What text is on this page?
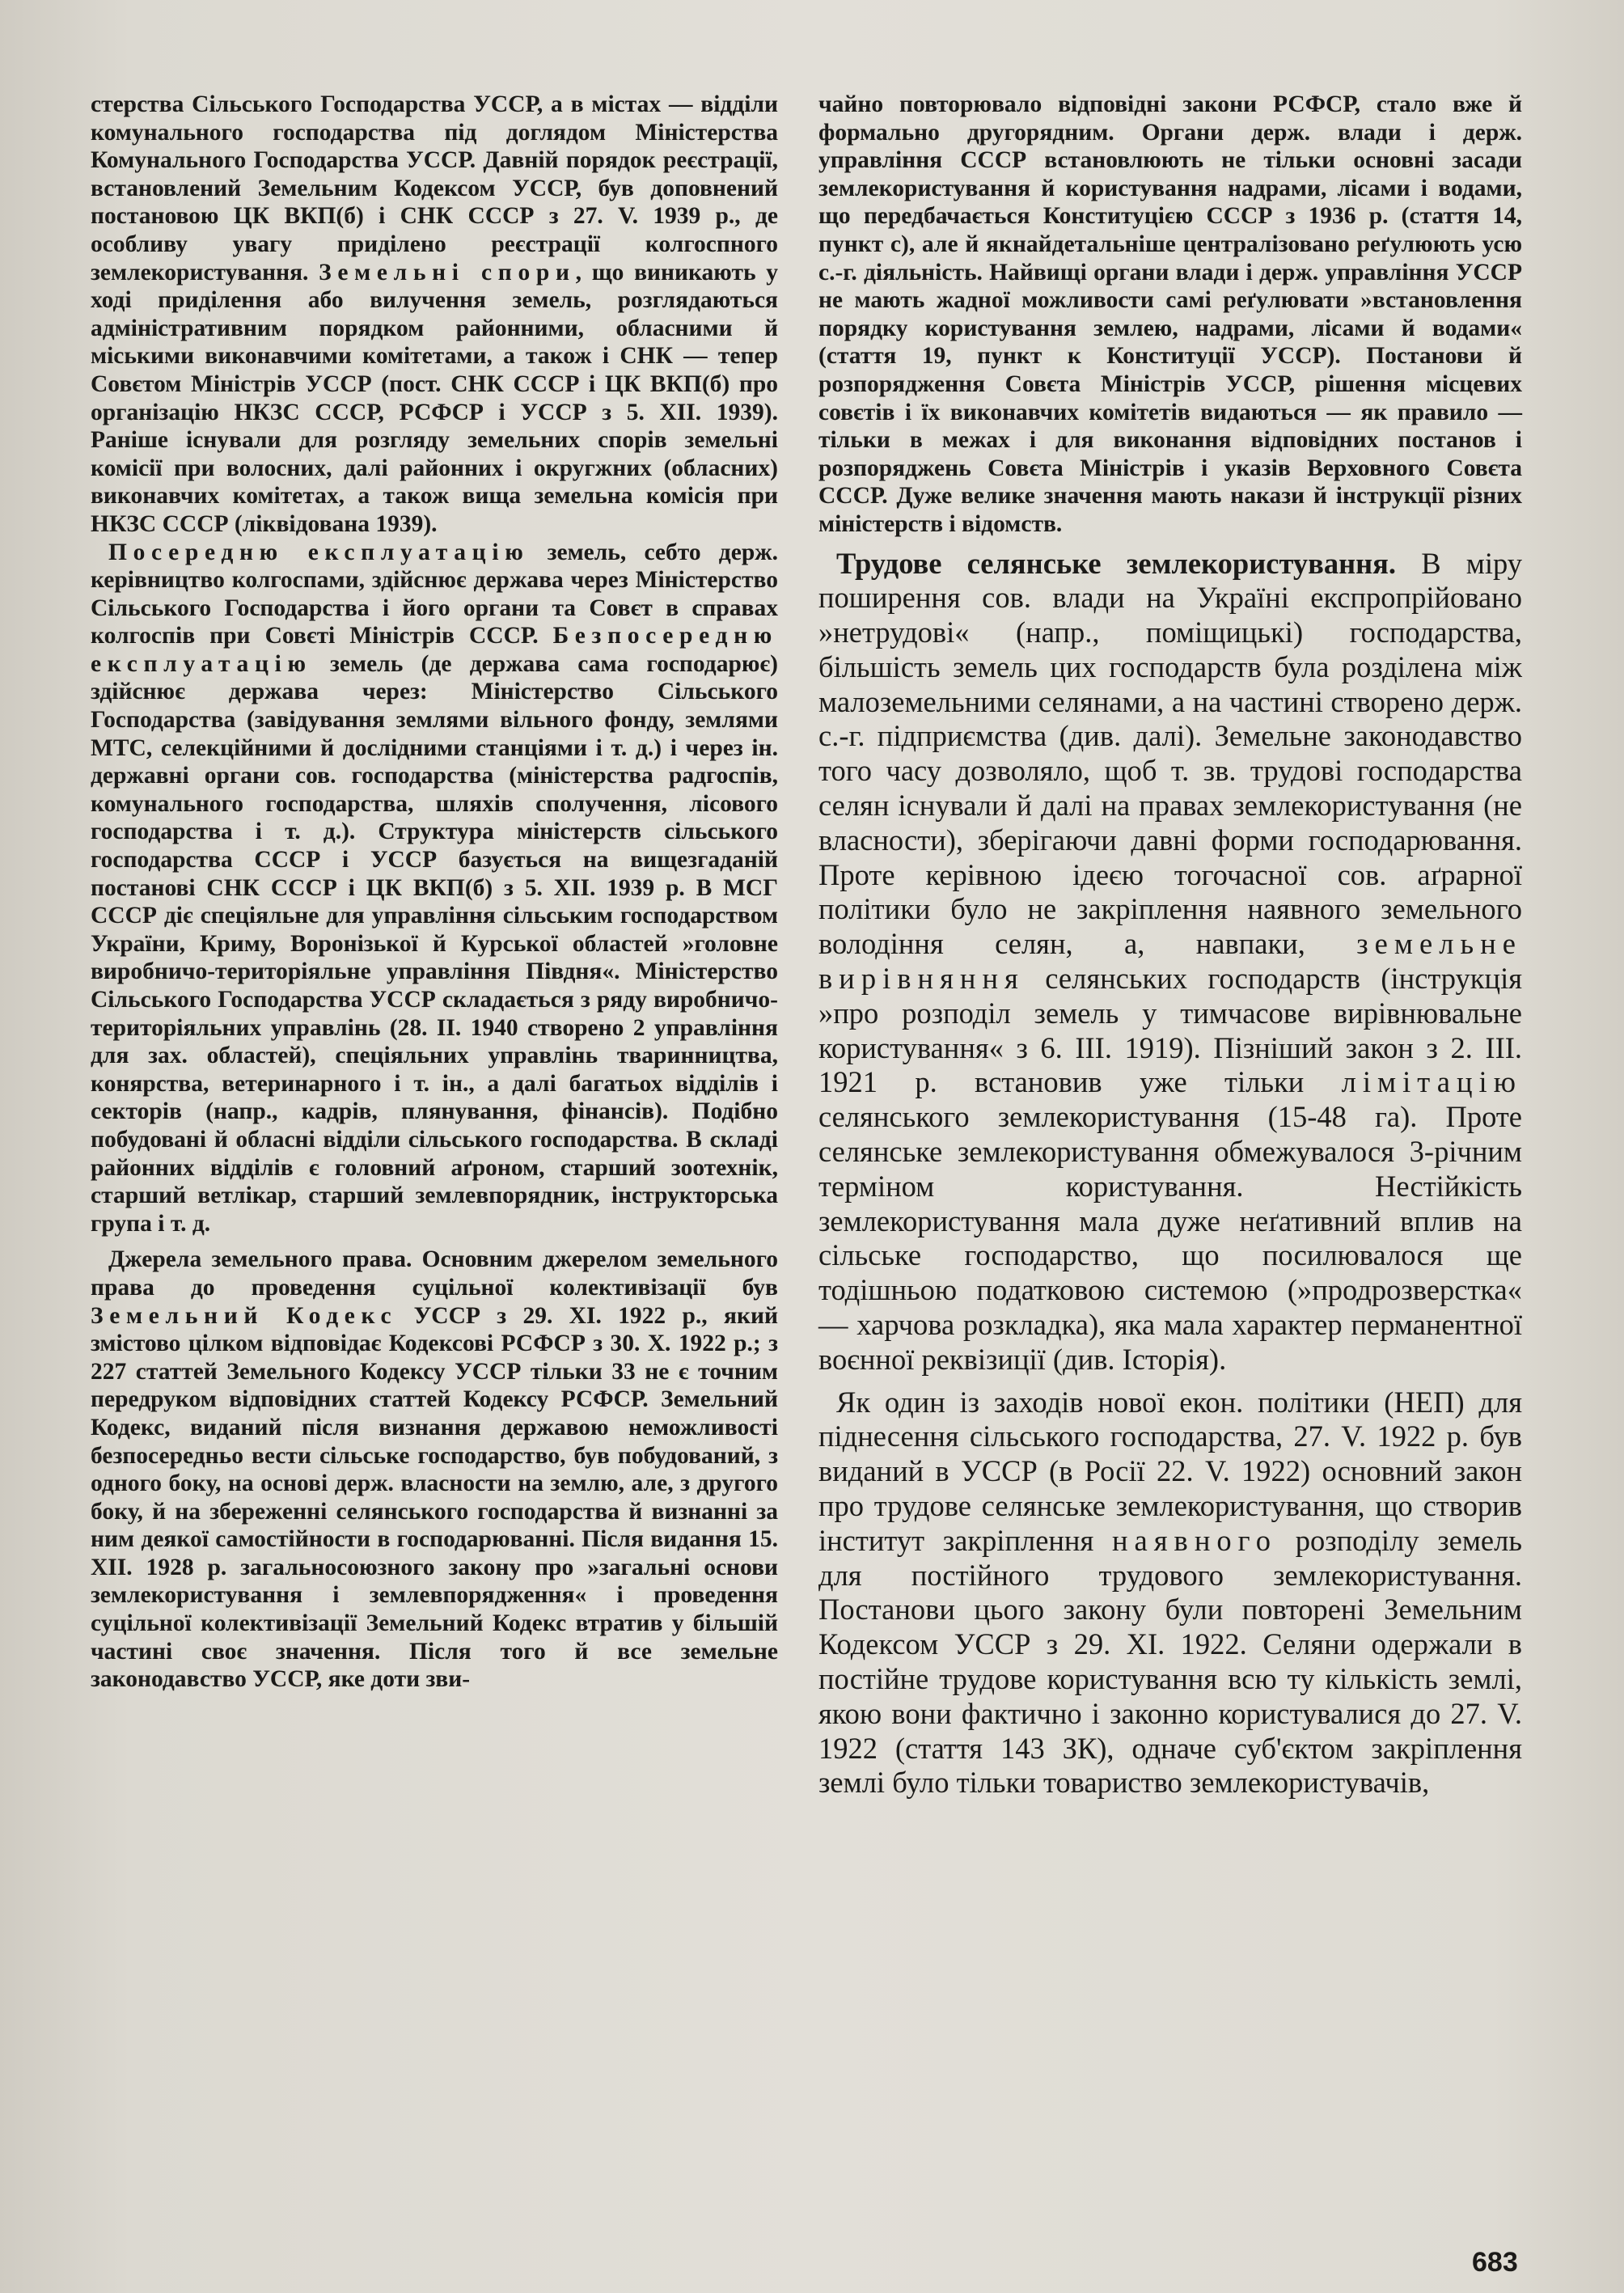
стерства Сільського Господарства УССР, а в містах — відділи комунального господарства під доглядом Міністерства Комунального Господарства УССР. Давній порядок реєстрації, встановлений Земельним Кодексом УССР, був доповнений постановою ЦК ВКП(б) і СНК СССР з 27. V. 1939 р., де особливу увагу приділено реєстрації колгоспного землекористування. Земельні спори, що виникають у ході приділення або вилучення земель, розглядаються адміністративним порядком районними, обласними й міськими виконавчими комітетами, а також і СНК — тепер Совєтом Міністрів УССР (пост. СНК СССР і ЦК ВКП(б) про організацію НКЗС СССР, РСФСР і УССР з 5. XII. 1939). Раніше існували для розгляду земельних спорів земельні комісії при волосних, далі районних і округжних (обласних) виконавчих комітетах, а також вища земельна комісія при НКЗС СССР (ліквідована 1939).

Посередню експлуатацію земель, себто держ. керівництво колгоспами, здійснює держава через Міністерство Сільського Господарства і його органи та Совєт в справах колгоспів при Совєті Міністрів СССР. Безпосередню експлуатацію земель (де держава сама господарює) здійснює держава через: Міністерство Сільського Господарства (завідування землями вільного фонду, землями МТС, селекційними й дослідними станціями і т. д.) і через ін. державні органи сов. господарства (міністерства радгоспів, комунального господарства, шляхів сполучення, лісового господарства і т. д.). Структура міністерств сільського господарства СССР і УССР базується на вищезгаданій постанові СНК СССР і ЦК ВКП(б) з 5. XII. 1939 р. В МСГ СССР діє спеціяльне для управління сільським господарством України, Криму, Воронізької й Курської областей »головне виробничо-територіяльне управління Півдня«. Міністерство Сільського Господарства УССР складається з ряду виробничо-територіяльних управлінь (28. II. 1940 створено 2 управління для зах. областей), спеціяльних управлінь тваринництва, конярства, ветеринарного і т. ін., а далі багатьох відділів і секторів (напр., кадрів, плянування, фінансів). Подібно побудовані й обласні відділи сільського господарства. В складі районних відділів є головний аґроном, старший зоотехнік, старший ветлікар, старший землевпорядник, інструкторська група і т. д.

Джерела земельного права. Основним джерелом земельного права до проведення суцільної колективізації був Земельний Кодекс УССР з 29. XI. 1922 р., який змістово цілком відповідає Кодексові РСФСР з 30. X. 1922 р.; з 227 статтей Земельного Кодексу УССР тільки 33 не є точним передруком відповідних статтей Кодексу РСФСР. Земельний Кодекс, виданий після визнання державою неможливості безпосередньо вести сільське господарство, був побудований, з одного боку, на основі держ. власности на землю, але, з другого боку, й на збереженні селянського господарства й визнанні за ним деякої самостійности в господарюванні. Після видання 15. XII. 1928 р. загальносоюзного закону про »загальні основи землекористування і землевпорядження« і проведення суцільної колективізації Земельний Кодекс втратив у більшій частині своє значення. Після того й все земельне законодавство УССР, яке доти зви-

чайно повторювало відповідні закони РСФСР, стало вже й формально другорядним. Органи держ. влади і держ. управління СССР встановлюють не тільки основні засади землекористування й користування надрами, лісами і водами, що передбачається Конституцією СССР з 1936 р. (стаття 14, пункт с), але й якнайдетальніше централізовано реґулюють усю с.-г. діяльність. Найвищі органи влади і держ. управління УССР не мають жадної можливости самі реґулювати »встановлення порядку користування землею, надрами, лісами й водами« (стаття 19, пункт к Конституції УССР). Постанови й розпорядження Совєта Міністрів УССР, рішення місцевих совєтів і їх виконавчих комітетів видаються — як правило — тільки в межах і для виконання відповідних постанов і розпоряджень Совєта Міністрів і указів Верховного Совєта СССР. Дуже велике значення мають накази й інструкції різних міністерств і відомств.

Трудове селянське землекористування. В міру поширення сов. влади на Україні експропрійовано »нетрудові« (напр., поміщицькі) господарства, більшість земель цих господарств була розділена між малоземельними селянами, а на частині створено держ. с.-г. підприємства (див. далі). Земельне законодавство того часу дозволяло, щоб т. зв. трудові господарства селян існували й далі на правах землекористування (не власности), зберігаючи давні форми господарювання. Проте керівною ідеєю тогочасної сов. аґрарної політики було не закріплення наявного земельного володіння селян, а, навпаки, земельне вирівняння селянських господарств (інструкція »про розподіл земель у тимчасове вирівнювальне користування« з 6. III. 1919). Пізніший закон з 2. III. 1921 р. встановив уже тільки лімітацію селянського землекористування (15-48 га). Проте селянське землекористування обмежувалося 3-річним терміном користування. Нестійкість землекористування мала дуже неґативний вплив на сільське господарство, що посилювалося ще тодішньою податковою системою (»продрозверстка« — харчова розкладка), яка мала характер перманентної воєнної реквізиції (див. Історія).

Як один із заходів нової екон. політики (НЕП) для піднесення сільського господарства, 27. V. 1922 р. був виданий в УССР (в Росії 22. V. 1922) основний закон про трудове селянське землекористування, що створив інститут закріплення наявного розподілу земель для постійного трудового землекористування. Постанови цього закону були повторені Земельним Кодексом УССР з 29. XI. 1922. Селяни одержали в постійне трудове користування всю ту кількість землі, якою вони фактично і законно користувалися до 27. V. 1922 (стаття 143 ЗК), одначе суб'єктом закріплення землі було тільки товариство землекористувачів,

683
